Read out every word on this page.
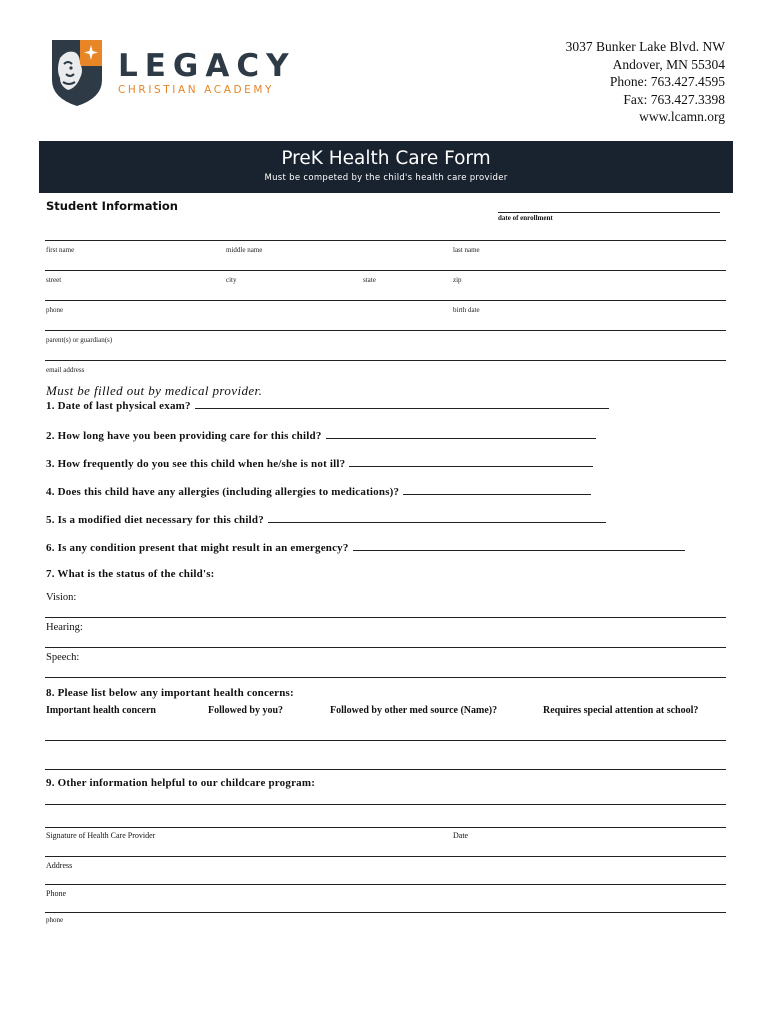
LEGACY
CHRISTIAN ACADEMY
3037 Bunker Lake Blvd. NW
Andover, MN 55304
Phone: 763.427.4595
Fax: 763.427.3398
www.lcamn.org
PreK Health Care Form
Must be competed by the child's health care provider
Student Information
date of enrollment
first name	middle name	last name
street	city	state	zip
phone	birth date
parent(s) or guardian(s)
email address
Must be filled out by medical provider.
1. Date of last physical exam?
2. How long have you been providing care for this child?
3. How frequently do you see this child when he/she is not ill?
4. Does this child have any allergies (including allergies to medications)?
5. Is a modified diet necessary for this child?
6. Is any condition present that might result in an emergency?
7. What is the status of the child's:
Vision:
Hearing:
Speech:
8. Please list below any important health concerns:
Important health concern	Followed by you?	Followed by other med source (Name)?	Requires special attention at school?
9. Other information helpful to our childcare program:
Signature of Health Care Provider	Date
Address
Phone
phone
